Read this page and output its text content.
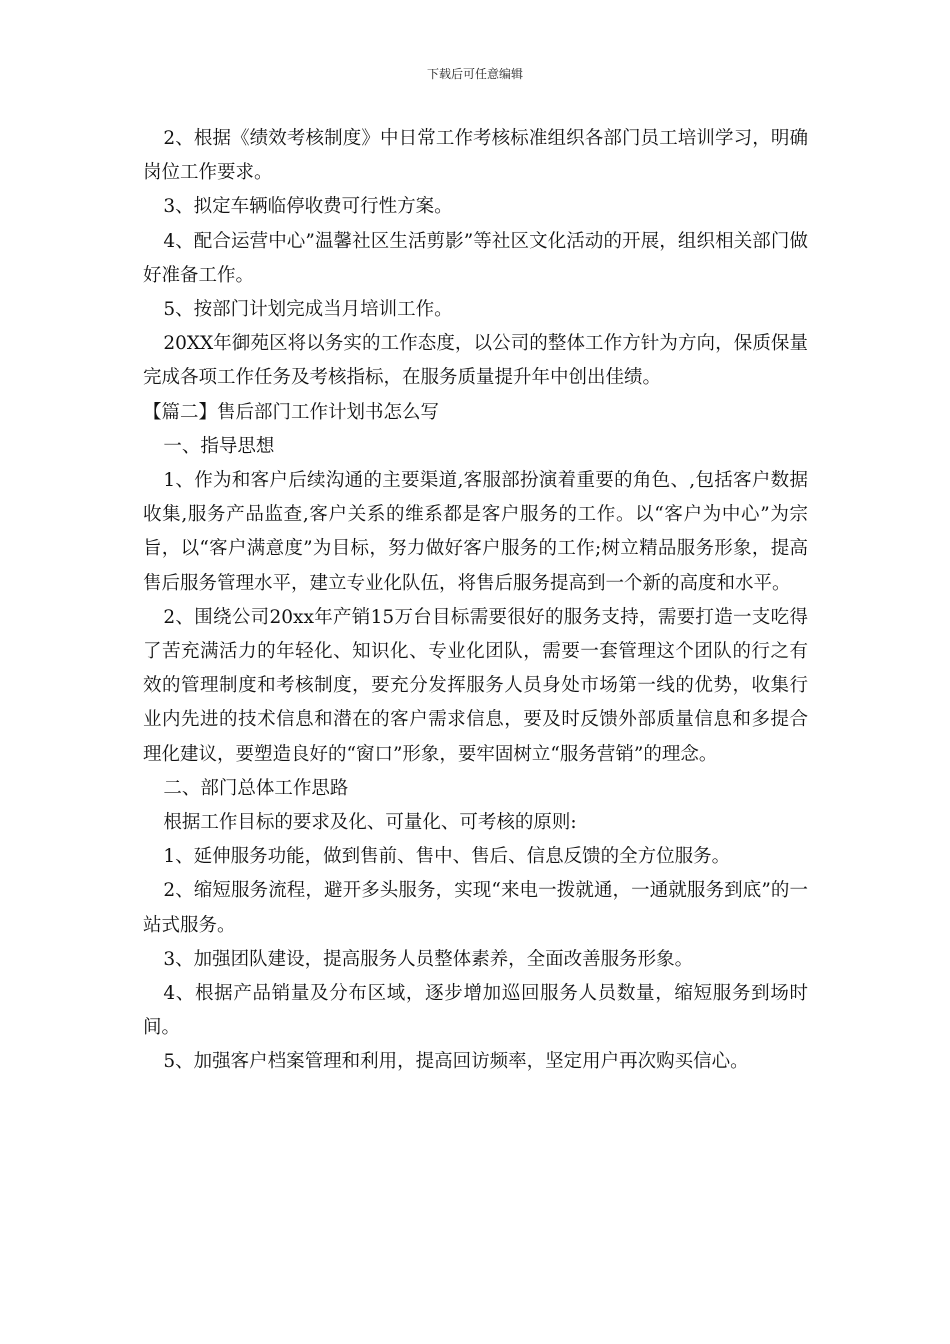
下载后可任意编辑

2、根据《绩效考核制度》中日常工作考核标准组织各部门员工培训学习，明确岗位工作要求。

3、拟定车辆临停收费可行性方案。

4、配合运营中心”温馨社区生活剪影”等社区文化活动的开展，组织相关部门做好准备工作。

5、按部门计划完成当月培训工作。

20XX年御苑区将以务实的工作态度，以公司的整体工作方针为方向，保质保量完成各项工作任务及考核指标，在服务质量提升年中创出佳绩。

【篇二】售后部门工作计划书怎么写

一、指导思想

1、作为和客户后续沟通的主要渠道,客服部扮演着重要的角色、,包括客户数据收集,服务产品监查,客户关系的维系都是客户服务的工作。以“客户为中心”为宗旨，以“客户满意度”为目标，努力做好客户服务的工作;树立精品服务形象，提高售后服务管理水平，建立专业化队伍，将售后服务提高到一个新的高度和水平。

2、围绕公司20xx年产销15万台目标需要很好的服务支持，需要打造一支吃得了苦充满活力的年轻化、知识化、专业化团队，需要一套管理这个团队的行之有效的管理制度和考核制度，要充分发挥服务人员身处市场第一线的优势，收集行业内先进的技术信息和潜在的客户需求信息，要及时反馈外部质量信息和多提合理化建议，要塑造良好的“窗口”形象，要牢固树立“服务营销”的理念。

二、部门总体工作思路

根据工作目标的要求及化、可量化、可考核的原则:

1、延伸服务功能，做到售前、售中、售后、信息反馈的全方位服务。

2、缩短服务流程，避开多头服务，实现“来电一拨就通，一通就服务到底”的一站式服务。

3、加强团队建设，提高服务人员整体素养，全面改善服务形象。

4、根据产品销量及分布区域，逐步增加巡回服务人员数量，缩短服务到场时间。

5、加强客户档案管理和利用，提高回访频率，坚定用户再次购买信心。
